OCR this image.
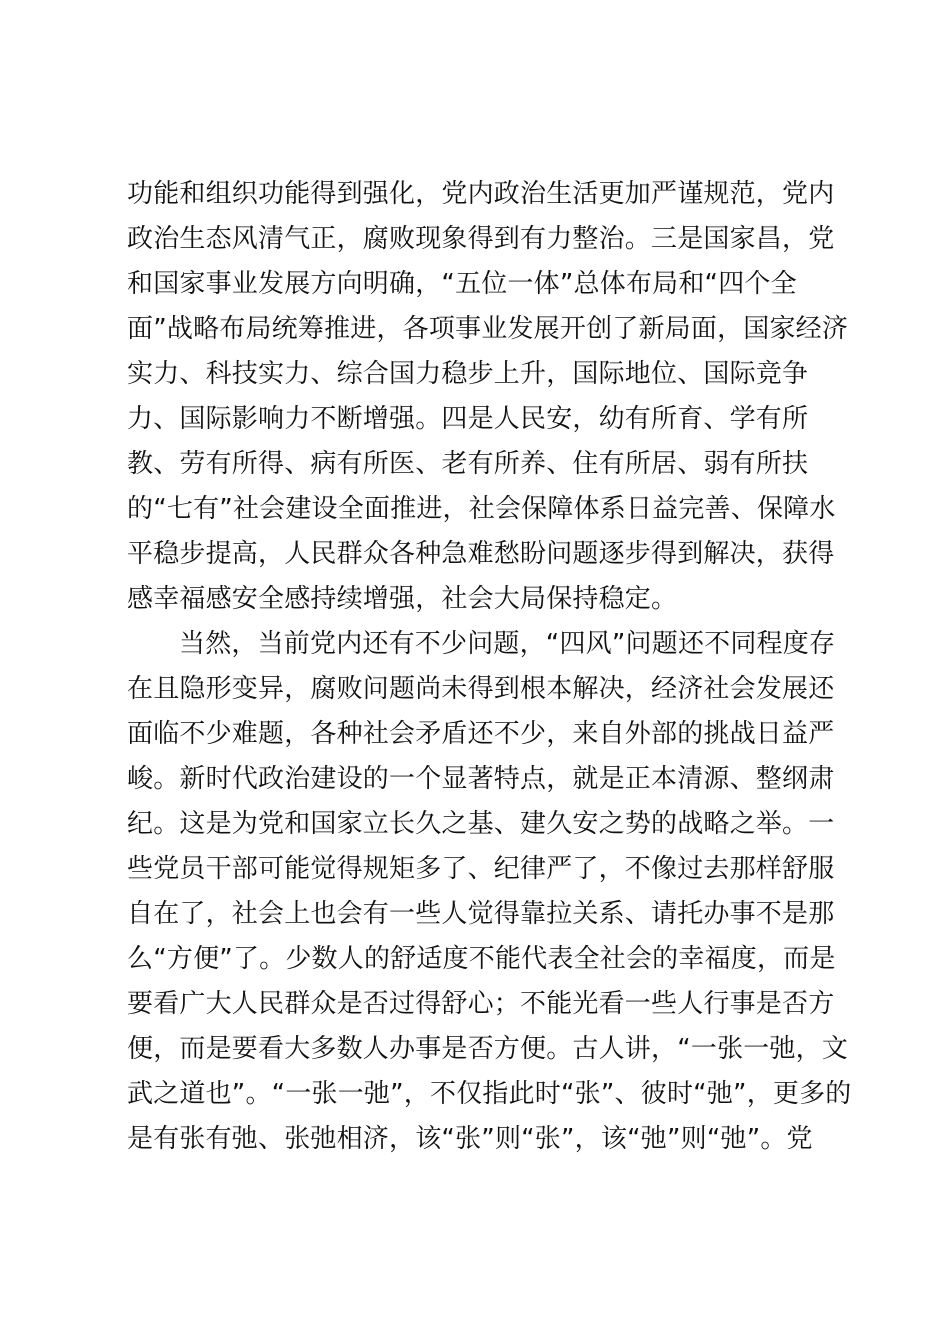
功能和组织功能得到强化，党内政治生活更加严谨规范，党内
政治生态风清气正，腐败现象得到有力整治。三是国家昌，党
和国家事业发展方向明确，“五位一体”总体布局和“四个全
面”战略布局统筹推进，各项事业发展开创了新局面，国家经济
实力、科技实力、综合国力稳步上升，国际地位、国际竞争
力、国际影响力不断增强。四是人民安，幼有所育、学有所
教、劳有所得、病有所医、老有所养、住有所居、弱有所扶
的“七有”社会建设全面推进，社会保障体系日益完善、保障水
平稳步提高，人民群众各种急难愁盼问题逐步得到解决，获得
感幸福感安全感持续增强，社会大局保持稳定。
当然，当前党内还有不少问题，“四风”问题还不同程度存
在且隐形变异，腐败问题尚未得到根本解决，经济社会发展还
面临不少难题，各种社会矛盾还不少，来自外部的挑战日益严
峻。新时代政治建设的一个显著特点，就是正本清源、整纲肃
纪。这是为党和国家立长久之基、建久安之势的战略之举。一
些党员干部可能觉得规矩多了、纪律严了，不像过去那样舒服
自在了，社会上也会有一些人觉得靠拉关系、请托办事不是那
么“方便”了。少数人的舒适度不能代表全社会的幸福度，而是
要看广大人民群众是否过得舒心；不能光看一些人行事是否方
便，而是要看大多数人办事是否方便。古人讲，“一张一弛，文
武之道也”。“一张一弛”，不仅指此时“张”、彼时“弛”，更多的
是有张有弛、张弛相济，该“张”则“张”，该“弛”则“弛”。党
